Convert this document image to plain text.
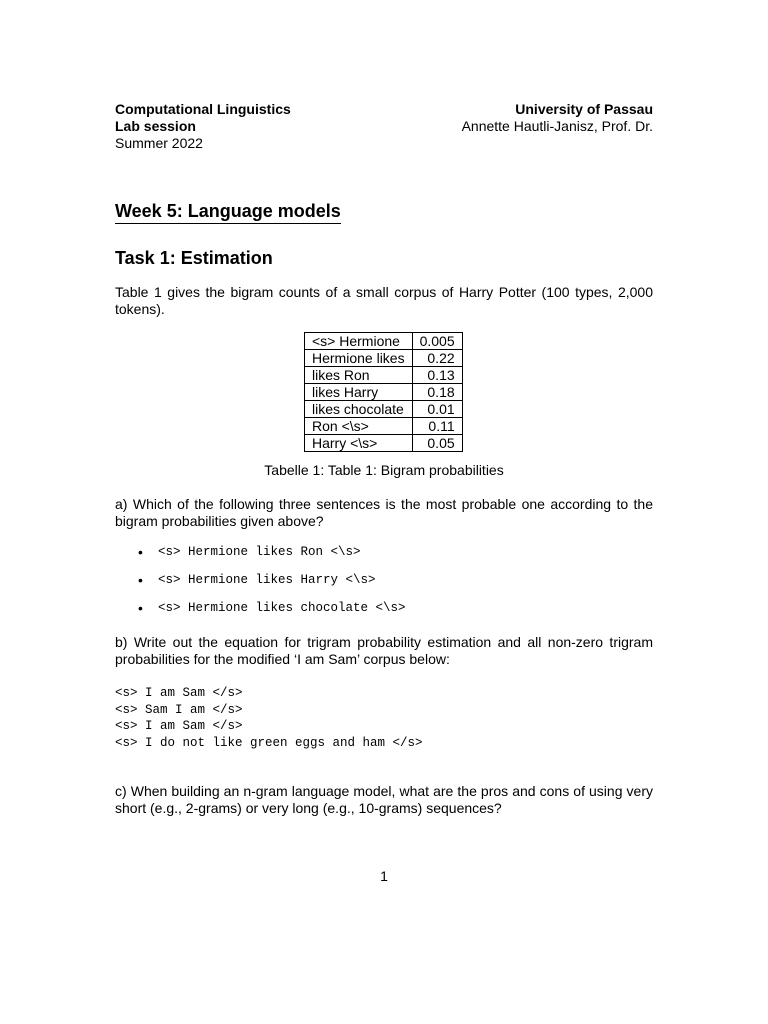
Computational Linguistics
Lab session
Summer 2022
University of Passau
Annette Hautli-Janisz, Prof. Dr.
Week 5: Language models
Task 1: Estimation

Table 1 gives the bigram counts of a small corpus of Harry Potter (100 types, 2,000 tokens).

<s> Hermione	0.005
Hermione likes	0.22
likes Ron	0.13
likes Harry	0.18
likes chocolate	0.01
Ron <\s>	0.11
Harry <\s>	0.05
Tabelle 1: Table 1: Bigram probabilities

a) Which of the following three sentences is the most probable one according to the bigram probabilities given above?

• <s> Hermione likes Ron <\s>
• <s> Hermione likes Harry <\s>
• <s> Hermione likes chocolate <\s>

b) Write out the equation for trigram probability estimation and all non-zero trigram probabilities for the modified ‘I am Sam’ corpus below:

<s> I am Sam </s>
<s> Sam I am </s>
<s> I am Sam </s>
<s> I do not like green eggs and ham </s>

c) When building an n-gram language model, what are the pros and cons of using very short (e.g., 2-grams) or very long (e.g., 10-grams) sequences?

1
